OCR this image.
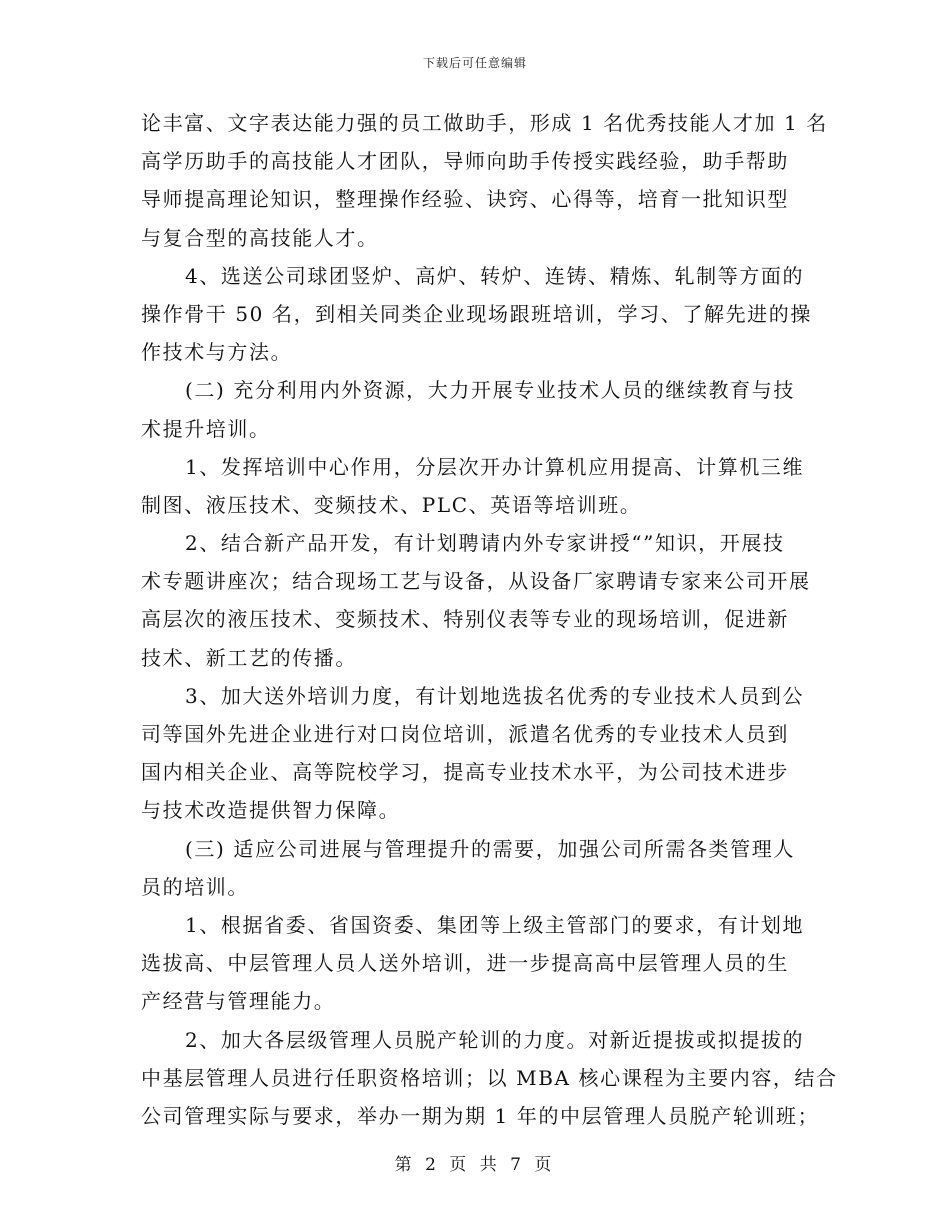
下载后可任意编辑
论丰富、文字表达能力强的员工做助手，形成 1 名优秀技能人才加 1 名
高学历助手的高技能人才团队，导师向助手传授实践经验，助手帮助
导师提高理论知识，整理操作经验、诀窍、心得等，培育一批知识型
与复合型的高技能人才。
4、选送公司球团竖炉、高炉、转炉、连铸、精炼、轧制等方面的
操作骨干 50 名，到相关同类企业现场跟班培训，学习、了解先进的操
作技术与方法。
(二) 充分利用内外资源，大力开展专业技术人员的继续教育与技
术提升培训。
1、发挥培训中心作用，分层次开办计算机应用提高、计算机三维
制图、液压技术、变频技术、PLC、英语等培训班。
2、结合新产品开发，有计划聘请内外专家讲授“”知识，开展技
术专题讲座次；结合现场工艺与设备，从设备厂家聘请专家来公司开展
高层次的液压技术、变频技术、特别仪表等专业的现场培训，促进新
技术、新工艺的传播。
3、加大送外培训力度，有计划地选拔名优秀的专业技术人员到公
司等国外先进企业进行对口岗位培训，派遣名优秀的专业技术人员到
国内相关企业、高等院校学习，提高专业技术水平，为公司技术进步
与技术改造提供智力保障。
(三) 适应公司进展与管理提升的需要，加强公司所需各类管理人
员的培训。
1、根据省委、省国资委、集团等上级主管部门的要求，有计划地
选拔高、中层管理人员人送外培训，进一步提高高中层管理人员的生
产经营与管理能力。
2、加大各层级管理人员脱产轮训的力度。对新近提拔或拟提拔的
中基层管理人员进行任职资格培训；以 MBA 核心课程为主要内容，结合
公司管理实际与要求，举办一期为期 1 年的中层管理人员脱产轮训班；
第 2 页 共 7 页
